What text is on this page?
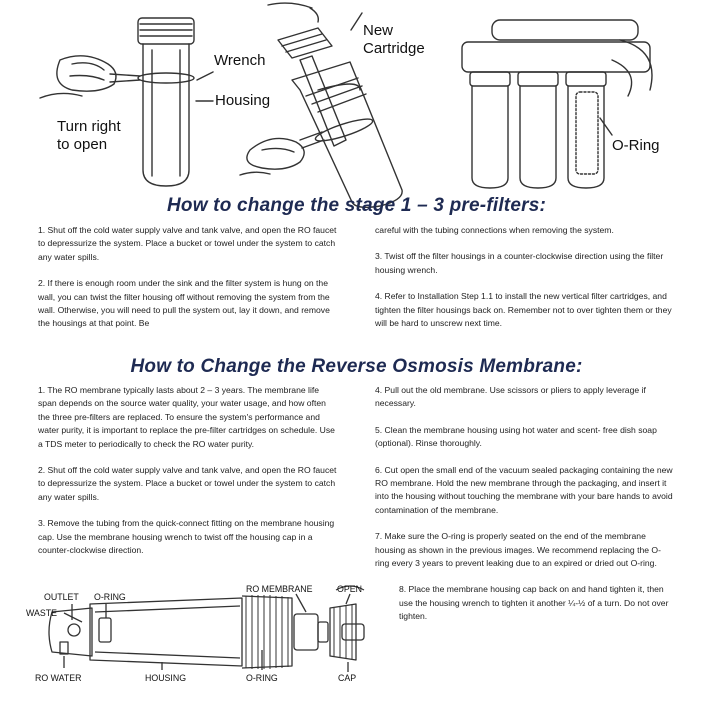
New
Cartridge
Wrench
Housing
Turn right
to open	O-Ring
How to change the stage 1 – 3 pre-filters:
1. Shut off the cold water supply valve and tank valve, and open the RO faucet to depressurize the system. Place a bucket or towel under the system to catch any water spills.
2. If there is enough room under the sink and the filter system is hung on the wall, you can twist the filter housing off without removing the system from the wall. Otherwise, you will need to pull the system out, lay it down, and remove the housings at that point. Be
careful with the tubing connections when removing the system.
3. Twist off the filter housings in a counter-clockwise direction using the filter housing wrench.
4. Refer to Installation Step 1.1 to install the new vertical filter cartridges, and tighten the filter housings back on. Remember not to over tighten them or they will be hard to unscrew next time.
How to Change the Reverse Osmosis Membrane:
1. The RO membrane typically lasts about 2 – 3 years. The membrane life span depends on the source water quality, your water usage, and how often the three pre-filters are replaced. To ensure the system's performance and water purity, it is important to replace the pre-filter cartridges on schedule. Use a TDS meter to periodically to check the RO water purity.
2. Shut off the cold water supply valve and tank valve, and open the RO faucet to depressurize the system. Place a bucket or towel under the system to catch any water spills.
3. Remove the tubing from the quick-connect fitting on the membrane housing cap. Use the membrane housing wrench to twist off the housing cap in a counter-clockwise direction.
4. Pull out the old membrane. Use scissors or pliers to apply leverage if necessary.
5. Clean the membrane housing using hot water and scent- free dish soap (optional). Rinse thoroughly.
6. Cut open the small end of the vacuum sealed packaging containing the new RO membrane. Hold the new membrane through the packaging, and insert it into the housing without touching the membrane with your bare hands to avoid contamination of the membrane.
7. Make sure the O-ring is properly seated on the end of the membrane housing as shown in the previous images. We recommend replacing the O-ring every 3 years to prevent leaking due to an expired or dried out O-ring.
8. Place the membrane housing cap back on and hand tighten it, then use the housing wrench to tighten it another ¼-½ of a turn. Do not over tighten.
OUTLET O-RING
WASTE
RO WATER	HOUSING	O-RING
RO MEMBRANE	OPEN
CAP
